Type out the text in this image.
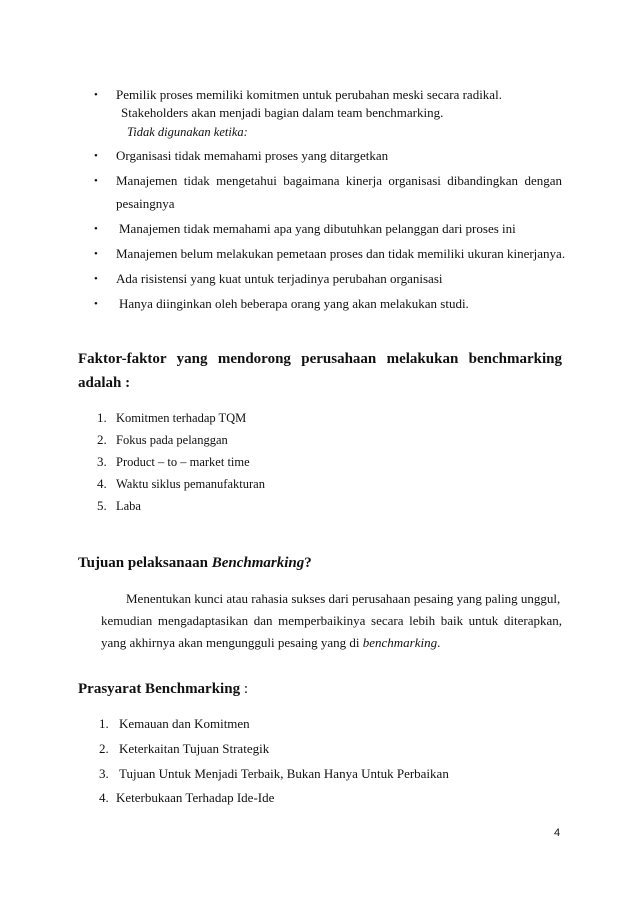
• Pemilik proses memiliki komitmen untuk perubahan meski secara radikal.
Stakeholders akan menjadi bagian dalam team benchmarking.
Tidak digunakan ketika:
• Organisasi tidak memahami proses yang ditargetkan
• Manajemen tidak mengetahui bagaimana kinerja organisasi dibandingkan dengan
pesaingnya
• Manajemen tidak memahami apa yang dibutuhkan pelanggan dari proses ini
• Manajemen belum melakukan pemetaan proses dan tidak memiliki ukuran kinerjanya.
• Ada risistensi yang kuat untuk terjadinya perubahan organisasi
• Hanya diinginkan oleh beberapa orang yang akan melakukan studi.
Faktor-faktor yang mendorong perusahaan melakukan benchmarking
adalah :
1. Komitmen terhadap TQM
2. Fokus pada pelanggan
3. Product – to – market time
4. Waktu siklus pemanufakturan
5. Laba
Tujuan pelaksanaan Benchmarking?
Menentukan kunci atau rahasia sukses dari perusahaan pesaing yang paling unggul,
kemudian mengadaptasikan dan memperbaikinya secara lebih baik untuk diterapkan,
yang akhirnya akan mengungguli pesaing yang di benchmarking.
Prasyarat Benchmarking :
1. Kemauan dan Komitmen
2. Keterkaitan Tujuan Strategik
3. Tujuan Untuk Menjadi Terbaik, Bukan Hanya Untuk Perbaikan
4. Keterbukaan Terhadap Ide-Ide
4
